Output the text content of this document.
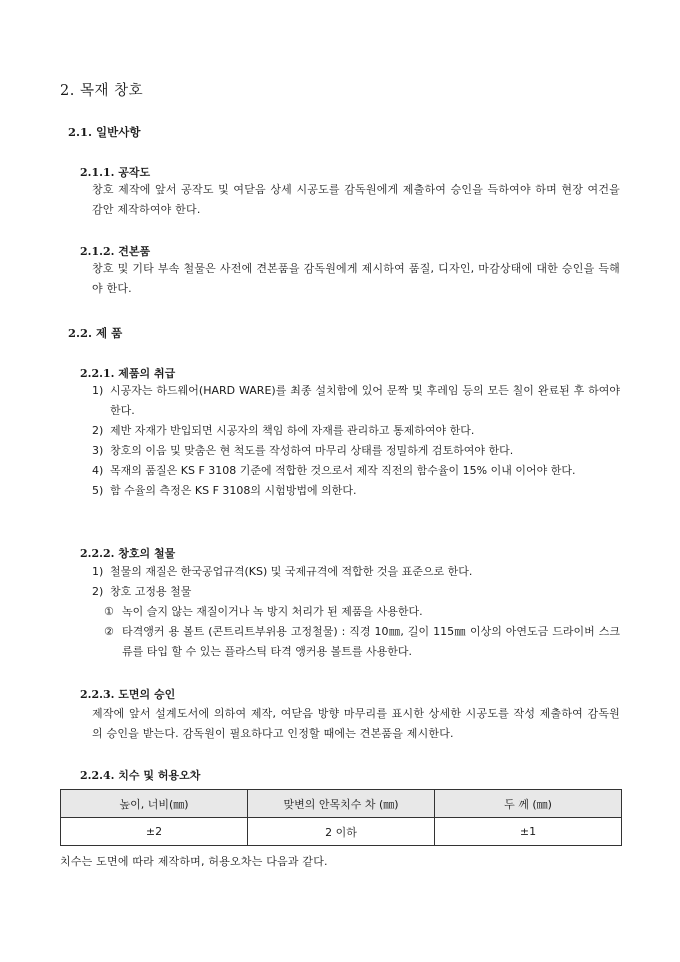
2. 목재 창호
2.1. 일반사항
2.1.1. 공작도
창호 제작에 앞서 공작도 및 여닫음 상세 시공도를 감독원에게 제출하여 승인을 득하여야 하며 현장 여건을 감안 제작하여야 한다.
2.1.2. 견본품
창호 및 기타 부속 철물은 사전에 견본품을 감독원에게 제시하여 품질, 디자인, 마감상태에 대한 승인을 득해야 한다.
2.2. 제 품
2.2.1. 제품의 취급
1) 시공자는 하드웨어(HARD WARE)를 최종 설치함에 있어 문짝 및 후레임 등의 모든 칠이 완료된 후 하여야 한다.
2) 제반 자재가 반입되면 시공자의 책임 하에 자재를 관리하고 통제하여야 한다.
3) 창호의 이음 및 맞춤은 현 척도를 작성하여 마무리 상태를 정밀하게 검토하여야 한다.
4) 목재의 품질은 KS F 3108 기준에 적합한 것으로서 제작 직전의 함수율이 15% 이내 이어야 한다.
5) 함 수율의 측정은 KS F 3108의 시험방법에 의한다.
2.2.2. 창호의 철물
1) 철물의 재질은 한국공업규격(KS) 및 국제규격에 적합한 것을 표준으로 한다.
2) 창호 고정용 철물
① 녹이 슬지 않는 재질이거나 녹 방지 처리가 된 제품을 사용한다.
② 타격앵커 용 볼트 (콘트리트부위용 고정철물) : 직경 10㎜, 길이 115㎜ 이상의 아연도금 드라이버 스크류를 타입 할 수 있는 플라스틱 타격 앵커용 볼트를 사용한다.
2.2.3. 도면의 승인
제작에 앞서 설계도서에 의하여 제작, 여닫음 방향 마무리를 표시한 상세한 시공도를 작성 제출하여 감독원의 승인을 받는다. 감독원이 필요하다고 인정할 때에는 견본품을 제시한다.
2.2.4. 치수 및 허용오차
높이, 너비(㎜)	맞변의 안목치수 차 (㎜)	두 께 (㎜)
±2	2 이하	±1
치수는 도면에 따라 제작하며, 허용오차는 다음과 같다.
